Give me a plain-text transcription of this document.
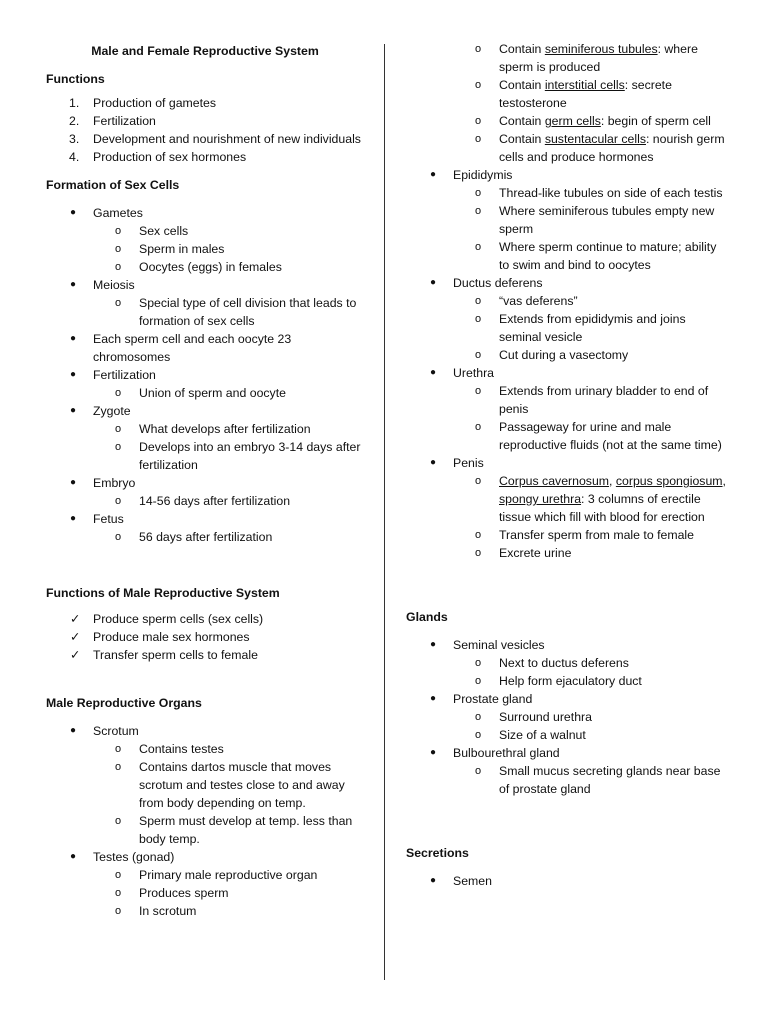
Male and Female Reproductive System
Functions
1. Production of gametes
2. Fertilization
3. Development and nourishment of new individuals
4. Production of sex hormones
Formation of Sex Cells
● Gametes
o Sex cells
o Sperm in males
o Oocytes (eggs) in females
● Meiosis
o Special type of cell division that leads to formation of sex cells
● Each sperm cell and each oocyte 23 chromosomes
● Fertilization
o Union of sperm and oocyte
● Zygote
o What develops after fertilization
o Develops into an embryo 3-14 days after fertilization
● Embryo
o 14-56 days after fertilization
● Fetus
o 56 days after fertilization
Functions of Male Reproductive System
✓ Produce sperm cells (sex cells)
✓ Produce male sex hormones
✓ Transfer sperm cells to female
Male Reproductive Organs
● Scrotum
o Contains testes
o Contains dartos muscle that moves scrotum and testes close to and away from body depending on temp.
o Sperm must develop at temp. less than body temp.
● Testes (gonad)
o Primary male reproductive organ
o Produces sperm
o In scrotum
o Contain seminiferous tubules: where sperm is produced
o Contain interstitial cells: secrete testosterone
o Contain germ cells: begin of sperm cell
o Contain sustentacular cells: nourish germ cells and produce hormones
● Epididymis
o Thread-like tubules on side of each testis
o Where seminiferous tubules empty new sperm
o Where sperm continue to mature; ability to swim and bind to oocytes
● Ductus deferens
o “vas deferens”
o Extends from epididymis and joins seminal vesicle
o Cut during a vasectomy
● Urethra
o Extends from urinary bladder to end of penis
o Passageway for urine and male reproductive fluids (not at the same time)
● Penis
o Corpus cavernosum, corpus spongiosum, spongy urethra: 3 columns of erectile tissue which fill with blood for erection
o Transfer sperm from male to female
o Excrete urine
Glands
● Seminal vesicles
o Next to ductus deferens
o Help form ejaculatory duct
● Prostate gland
o Surround urethra
o Size of a walnut
● Bulbourethral gland
o Small mucus secreting glands near base of prostate gland
Secretions
● Semen
